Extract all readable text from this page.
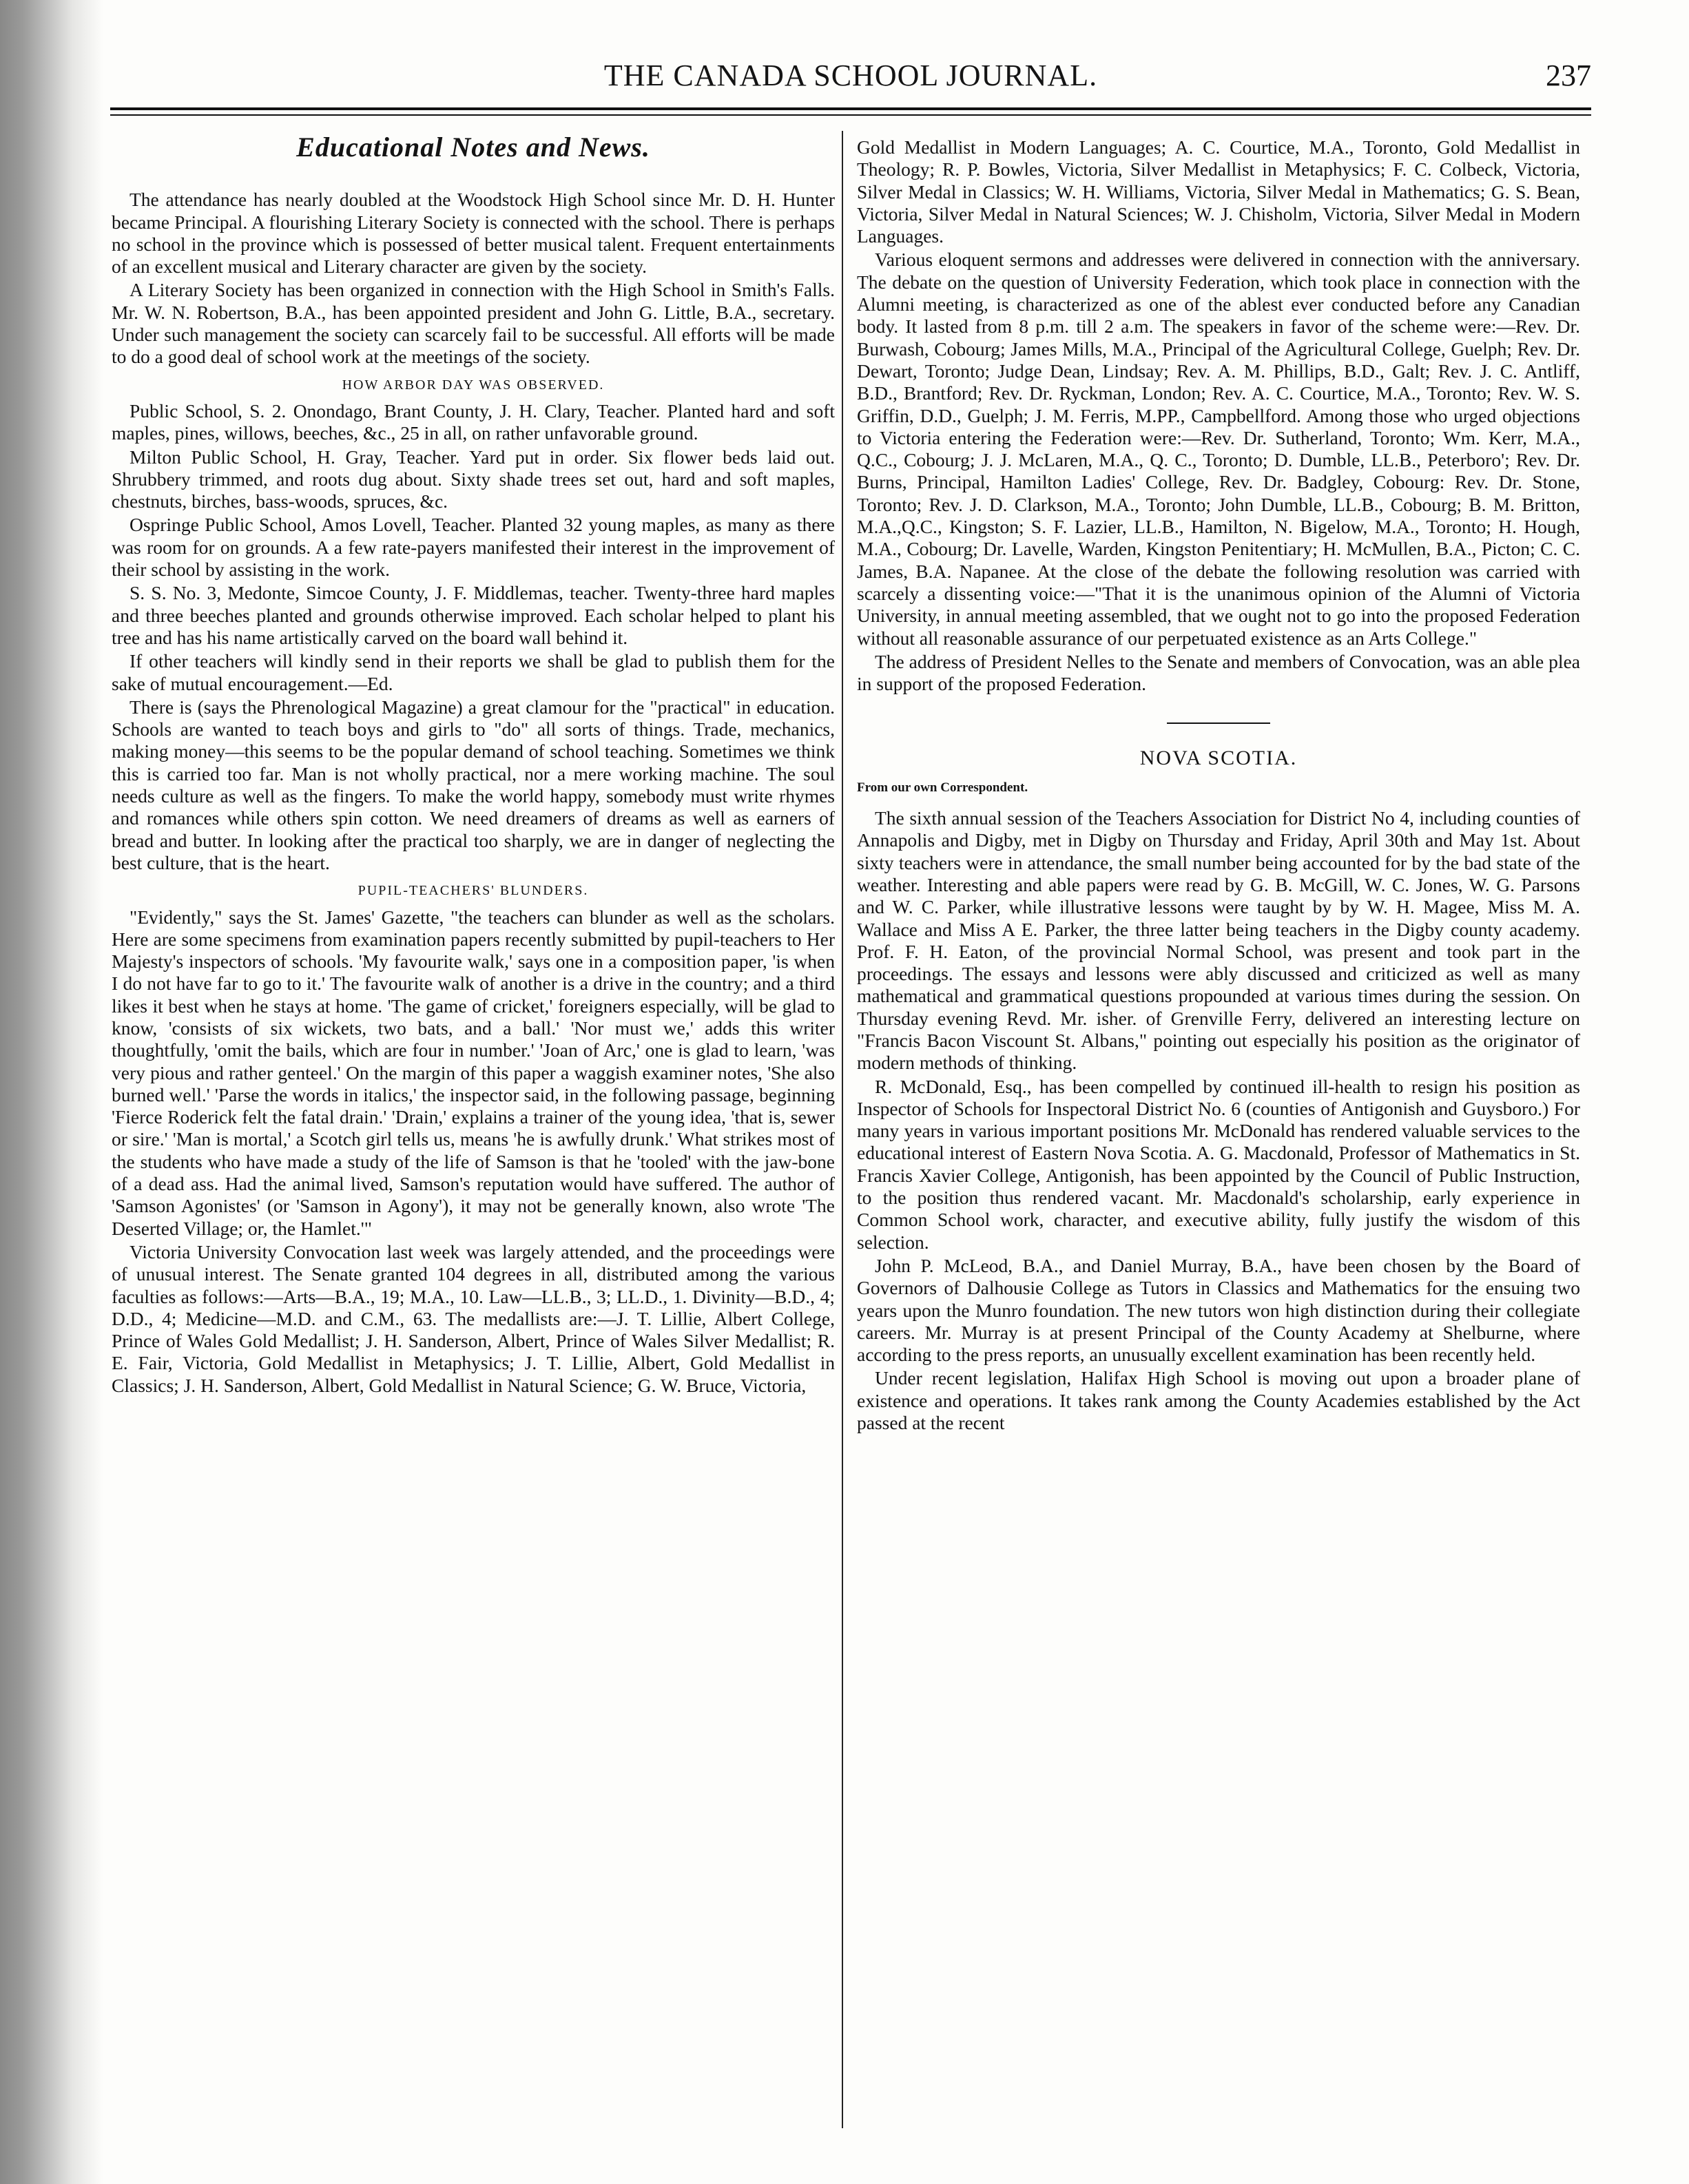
THE CANADA SCHOOL JOURNAL.	237
Educational Notes and News.

The attendance has nearly doubled at the Woodstock High School since Mr. D. H. Hunter became Principal. A flourishing Literary Society is connected with the school. There is perhaps no school in the province which is possessed of better musical talent. Frequent entertainments of an excellent musical and Literary character are given by the society.

A Literary Society has been organized in connection with the High School in Smith's Falls. Mr. W. N. Robertson, B.A., has been appointed president and John G. Little, B.A., secretary. Under such management the society can scarcely fail to be successful. All efforts will be made to do a good deal of school work at the meetings of the society.

HOW ARBOR DAY WAS OBSERVED.

Public School, S. 2. Onondago, Brant County, J. H. Clary, Teacher. Planted hard and soft maples, pines, willows, beeches, &c., 25 in all, on rather unfavorable ground.

Milton Public School, H. Gray, Teacher. Yard put in order. Six flower beds laid out. Shrubbery trimmed, and roots dug about. Sixty shade trees set out, hard and soft maples, chestnuts, birches, bass-woods, spruces, &c.

Ospringe Public School, Amos Lovell, Teacher. Planted 32 young maples, as many as there was room for on grounds. A a few rate-payers manifested their interest in the improvement of their school by assisting in the work.

S. S. No. 3, Medonte, Simcoe County, J. F. Middlemas, teacher. Twenty-three hard maples and three beeches planted and grounds otherwise improved. Each scholar helped to plant his tree and has his name artistically carved on the board wall behind it.

If other teachers will kindly send in their reports we shall be glad to publish them for the sake of mutual encouragement.—Ed.

There is (says the Phrenological Magazine) a great clamour for the "practical" in education. Schools are wanted to teach boys and girls to "do" all sorts of things. Trade, mechanics, making money—this seems to be the popular demand of school teaching. Sometimes we think this is carried too far. Man is not wholly practical, nor a mere working machine. The soul needs culture as well as the fingers. To make the world happy, somebody must write rhymes and romances while others spin cotton. We need dreamers of dreams as well as earners of bread and butter. In looking after the practical too sharply, we are in danger of neglecting the best culture, that is the heart.

PUPIL-TEACHERS' BLUNDERS.

"Evidently," says the St. James' Gazette, "the teachers can blunder as well as the scholars. Here are some specimens from examination papers recently submitted by pupil-teachers to Her Majesty's inspectors of schools. 'My favourite walk,' says one in a composition paper, 'is when I do not have far to go to it.' The favourite walk of another is a drive in the country; and a third likes it best when he stays at home. 'The game of cricket,' foreigners especially, will be glad to know, 'consists of six wickets, two bats, and a ball.' 'Nor must we,' adds this writer thoughtfully, 'omit the bails, which are four in number.' 'Joan of Arc,' one is glad to learn, 'was very pious and rather genteel.' On the margin of this paper a waggish examiner notes, 'She also burned well.' 'Parse the words in italics,' the inspector said, in the following passage, beginning 'Fierce Roderick felt the fatal drain.' 'Drain,' explains a trainer of the young idea, 'that is, sewer or sire.' 'Man is mortal,' a Scotch girl tells us, means 'he is awfully drunk.' What strikes most of the students who have made a study of the life of Samson is that he 'tooled' with the jaw-bone of a dead ass. Had the animal lived, Samson's reputation would have suffered. The author of 'Samson Agonistes' (or 'Samson in Agony'), it may not be generally known, also wrote 'The Deserted Village; or, the Hamlet.'"

Victoria University Convocation last week was largely attended, and the proceedings were of unusual interest. The Senate granted 104 degrees in all, distributed among the various faculties as follows:—Arts—B.A., 19; M.A., 10. Law—LL.B., 3; LL.D., 1. Divinity—B.D., 4; D.D., 4; Medicine—M.D. and C.M., 63. The medallists are:—J. T. Lillie, Albert College, Prince of Wales Gold Medallist; J. H. Sanderson, Albert, Prince of Wales Silver Medallist; R. E. Fair, Victoria, Gold Medallist in Metaphysics; J. T. Lillie, Albert, Gold Medallist in Classics; J. H. Sanderson, Albert, Gold Medallist in Natural Science; G. W. Bruce, Victoria,

Gold Medallist in Modern Languages; A. C. Courtice, M.A., Toronto, Gold Medallist in Theology; R. P. Bowles, Victoria, Silver Medallist in Metaphysics; F. C. Colbeck, Victoria, Silver Medal in Classics; W. H. Williams, Victoria, Silver Medal in Mathematics; G. S. Bean, Victoria, Silver Medal in Natural Sciences; W. J. Chisholm, Victoria, Silver Medal in Modern Languages.

Various eloquent sermons and addresses were delivered in connection with the anniversary. The debate on the question of University Federation, which took place in connection with the Alumni meeting, is characterized as one of the ablest ever conducted before any Canadian body. It lasted from 8 p.m. till 2 a.m. The speakers in favor of the scheme were:—Rev. Dr. Burwash, Cobourg; James Mills, M.A., Principal of the Agricultural College, Guelph; Rev. Dr. Dewart, Toronto; Judge Dean, Lindsay; Rev. A. M. Phillips, B.D., Galt; Rev. J. C. Antliff, B.D., Brantford; Rev. Dr. Ryckman, London; Rev. A. C. Courtice, M.A., Toronto; Rev. W. S. Griffin, D.D., Guelph; J. M. Ferris, M.PP., Campbellford. Among those who urged objections to Victoria entering the Federation were:—Rev. Dr. Sutherland, Toronto; Wm. Kerr, M.A., Q.C., Cobourg; J. J. McLaren, M.A., Q. C., Toronto; D. Dumble, LL.B., Peterboro'; Rev. Dr. Burns, Principal, Hamilton Ladies' College, Rev. Dr. Badgley, Cobourg: Rev. Dr. Stone, Toronto; Rev. J. D. Clarkson, M.A., Toronto; John Dumble, LL.B., Cobourg; B. M. Britton, M.A.,Q.C., Kingston; S. F. Lazier, LL.B., Hamilton, N. Bigelow, M.A., Toronto; H. Hough, M.A., Cobourg; Dr. Lavelle, Warden, Kingston Penitentiary; H. McMullen, B.A., Picton; C. C. James, B.A. Napanee. At the close of the debate the following resolution was carried with scarcely a dissenting voice:—"That it is the unanimous opinion of the Alumni of Victoria University, in annual meeting assembled, that we ought not to go into the proposed Federation without all reasonable assurance of our perpetuated existence as an Arts College."

The address of President Nelles to the Senate and members of Convocation, was an able plea in support of the proposed Federation.

NOVA SCOTIA.
From our own Correspondent.

The sixth annual session of the Teachers Association for District No 4, including counties of Annapolis and Digby, met in Digby on Thursday and Friday, April 30th and May 1st. About sixty teachers were in attendance, the small number being accounted for by the bad state of the weather. Interesting and able papers were read by G. B. McGill, W. C. Jones, W. G. Parsons and W. C. Parker, while illustrative lessons were taught by by W. H. Magee, Miss M. A. Wallace and Miss A E. Parker, the three latter being teachers in the Digby county academy. Prof. F. H. Eaton, of the provincial Normal School, was present and took part in the proceedings. The essays and lessons were ably discussed and criticized as well as many mathematical and grammatical questions propounded at various times during the session. On Thursday evening Revd. Mr. isher. of Grenville Ferry, delivered an interesting lecture on "Francis Bacon Viscount St. Albans," pointing out especially his position as the originator of modern methods of thinking.

R. McDonald, Esq., has been compelled by continued ill-health to resign his position as Inspector of Schools for Inspectoral District No. 6 (counties of Antigonish and Guysboro.) For many years in various important positions Mr. McDonald has rendered valuable services to the educational interest of Eastern Nova Scotia. A. G. Macdonald, Professor of Mathematics in St. Francis Xavier College, Antigonish, has been appointed by the Council of Public Instruction, to the position thus rendered vacant. Mr. Macdonald's scholarship, early experience in Common School work, character, and executive ability, fully justify the wisdom of this selection.

John P. McLeod, B.A., and Daniel Murray, B.A., have been chosen by the Board of Governors of Dalhousie College as Tutors in Classics and Mathematics for the ensuing two years upon the Munro foundation. The new tutors won high distinction during their collegiate careers. Mr. Murray is at present Principal of the County Academy at Shelburne, where according to the press reports, an unusually excellent examination has been recently held.

Under recent legislation, Halifax High School is moving out upon a broader plane of existence and operations. It takes rank among the County Academies established by the Act passed at the recent
